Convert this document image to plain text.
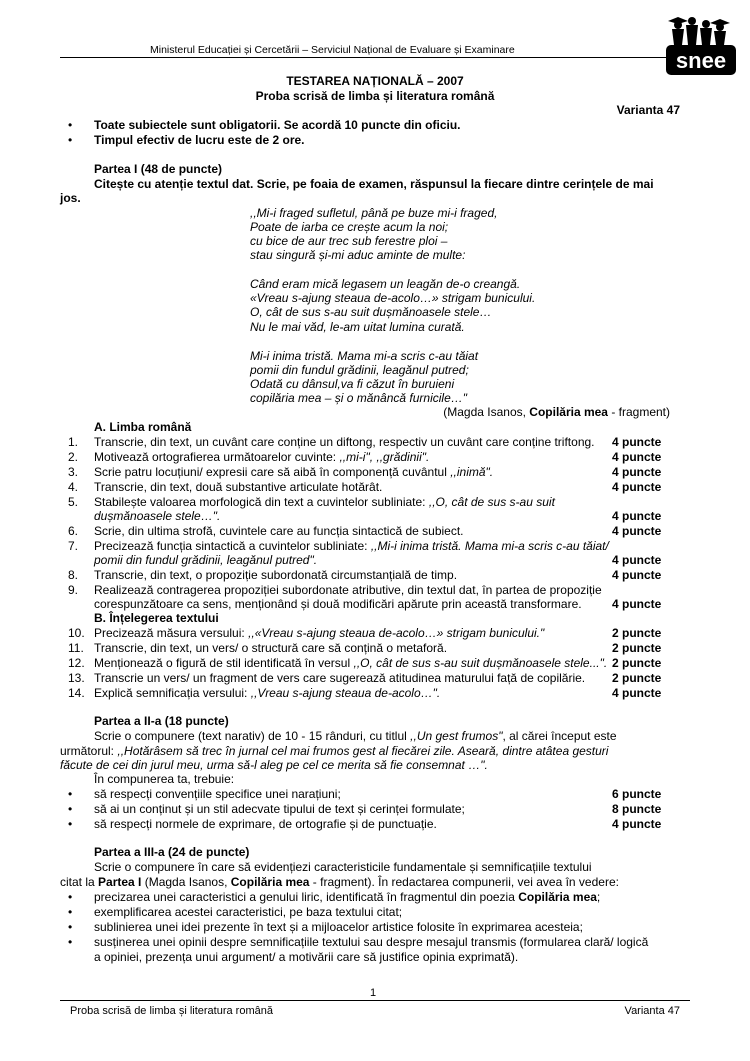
Ministerul Educației și Cercetării – Serviciul Național de Evaluare și Examinare	snee
TESTAREA NAȚIONALĂ – 2007
Proba scrisă de limba și literatura română
Varianta 47
• Toate subiectele sunt obligatorii. Se acordă 10 puncte din oficiu.
• Timpul efectiv de lucru este de 2 ore.
Partea I (48 de puncte)
Citește cu atenție textul dat. Scrie, pe foaia de examen, răspunsul la fiecare dintre cerințele de mai
jos.
,,Mi-i fraged sufletul, până pe buze mi-i fraged,
Poate de iarba ce crește acum la noi;
cu bice de aur trec sub ferestre ploi –
stau singură și-mi aduc aminte de multe:
Când eram mică legasem un leagăn de-o creangă.
«Vreau s-ajung steaua de-acolo…» strigam bunicului.
O, cât de sus s-au suit dușmănoasele stele…
Nu le mai văd, le-am uitat lumina curată.
Mi-i inima tristă. Mama mi-a scris c-au tăiat
pomii din fundul grădinii, leagănul putred;
Odată cu dânsul,va fi căzut în buruieni
copilăria mea – și o mănâncă furnicile…"
(Magda Isanos, Copilăria mea - fragment)
A. Limba română
1. Transcrie, din text, un cuvânt care conține un diftong, respectiv un cuvânt care conține triftong. 4 puncte
2. Motivează ortografierea următoarelor cuvinte: ,,mi-i", ,,grădinii".	4 puncte
3. Scrie patru locuțiuni/ expresii care să aibă în componență cuvântul ,,inimă".	4 puncte
4. Transcrie, din text, două substantive articulate hotărât.	4 puncte
5. Stabilește valoarea morfologică din text a cuvintelor subliniate: ,,O, cât de sus s-au suit
dușmănoasele stele…".	4 puncte
6. Scrie, din ultima strofă, cuvintele care au funcția sintactică de subiect.	4 puncte
7. Precizează funcția sintactică a cuvintelor subliniate: ,,Mi-i inima tristă. Mama mi-a scris c-au tăiat/
pomii din fundul grădinii, leagănul putred".	4 puncte
8. Transcrie, din text, o propoziție subordonată circumstanțială de timp.	4 puncte
9. Realizează contragerea propoziției subordonate atributive, din textul dat, în partea de propoziție
corespunzătoare ca sens, menționând și două modificări apărute prin această transformare.	4 puncte
B. Înțelegerea textului
10. Precizează măsura versului: ,,«Vreau s-ajung steaua de-acolo…» strigam bunicului."	2 puncte
11. Transcrie, din text, un vers/ o structură care să conțină o metaforă.	2 puncte
12. Menționează o figură de stil identificată în versul ,,O, cât de sus s-au suit dușmănoasele stele...". 2 puncte
13. Transcrie un vers/ un fragment de vers care sugerează atitudinea maturului față de copilărie. 2 puncte
14. Explică semnificația versului: ,,Vreau s-ajung steaua de-acolo…".	4 puncte
Partea a II-a (18 puncte)
Scrie o compunere (text narativ) de 10 - 15 rânduri, cu titlul ,,Un gest frumos", al cărei început este
următorul: ,,Hotărâsem să trec în jurnal cel mai frumos gest al fiecărei zile. Aseară, dintre atâtea gesturi
făcute de cei din jurul meu, urma să-l aleg pe cel ce merita să fie consemnat …".
În compunerea ta, trebuie:
• să respecți convențiile specifice unei narațiuni;	6 puncte
• să ai un conținut și un stil adecvate tipului de text și cerinței formulate;	8 puncte
• să respecți normele de exprimare, de ortografie și de punctuație.	4 puncte
Partea a III-a (24 de puncte)
Scrie o compunere în care să evidențiezi caracteristicile fundamentale și semnificațiile textului
citat la Partea I (Magda Isanos, Copilăria mea - fragment). În redactarea compunerii, vei avea în vedere:
• precizarea unei caracteristici a genului liric, identificată în fragmentul din poezia Copilăria mea;
• exemplificarea acestei caracteristici, pe baza textului citat;
• sublinierea unei idei prezente în text și a mijloacelor artistice folosite în exprimarea acesteia;
• susținerea unei opinii despre semnificațiile textului sau despre mesajul transmis (formularea clară/ logică
a opiniei, prezența unui argument/ a motivării care să justifice opinia exprimată).
1
Proba scrisă de limba și literatura română	Varianta 47
